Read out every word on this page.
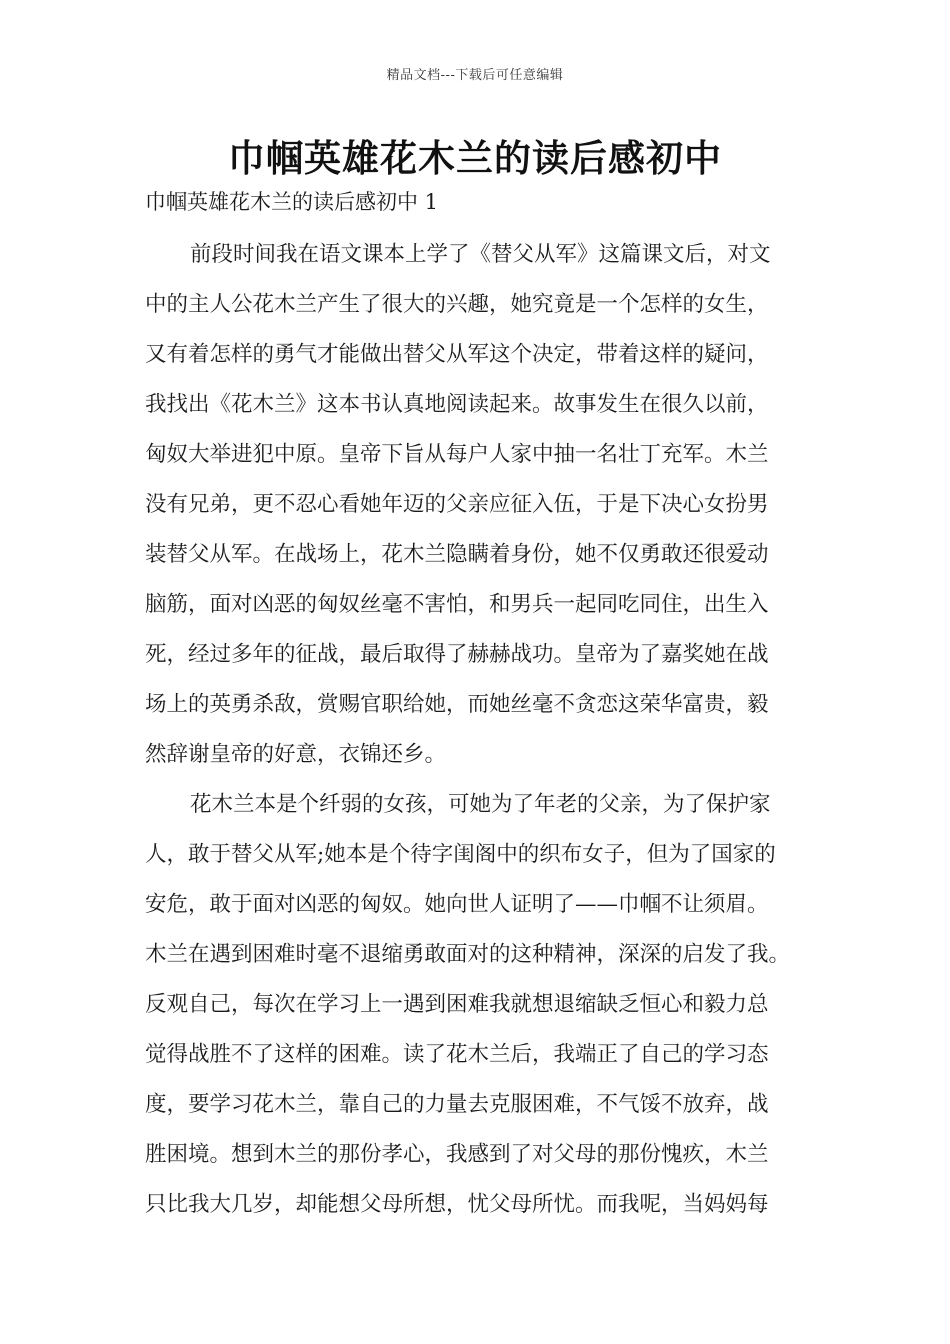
精品文档---下载后可任意编辑
巾帼英雄花木兰的读后感初中
巾帼英雄花木兰的读后感初中 1
前段时间我在语文课本上学了《替父从军》这篇课文后，对文
中的主人公花木兰产生了很大的兴趣，她究竟是一个怎样的女生，
又有着怎样的勇气才能做出替父从军这个决定，带着这样的疑问，
我找出《花木兰》这本书认真地阅读起来。故事发生在很久以前，
匈奴大举进犯中原。皇帝下旨从每户人家中抽一名壮丁充军。木兰
没有兄弟，更不忍心看她年迈的父亲应征入伍，于是下决心女扮男
装替父从军。在战场上，花木兰隐瞒着身份，她不仅勇敢还很爱动
脑筋，面对凶恶的匈奴丝毫不害怕，和男兵一起同吃同住，出生入
死，经过多年的征战，最后取得了赫赫战功。皇帝为了嘉奖她在战
场上的英勇杀敌，赏赐官职给她，而她丝毫不贪恋这荣华富贵，毅
然辞谢皇帝的好意，衣锦还乡。
花木兰本是个纤弱的女孩，可她为了年老的父亲，为了保护家
人，敢于替父从军;她本是个待字闺阁中的织布女子，但为了国家的
安危，敢于面对凶恶的匈奴。她向世人证明了——巾帼不让须眉。
木兰在遇到困难时毫不退缩勇敢面对的这种精神，深深的启发了我。
反观自己，每次在学习上一遇到困难我就想退缩缺乏恒心和毅力总
觉得战胜不了这样的困难。读了花木兰后，我端正了自己的学习态
度，要学习花木兰，靠自己的力量去克服困难，不气馁不放弃，战
胜困境。想到木兰的那份孝心，我感到了对父母的那份愧疚，木兰
只比我大几岁，却能想父母所想，忧父母所忧。而我呢，当妈妈每
